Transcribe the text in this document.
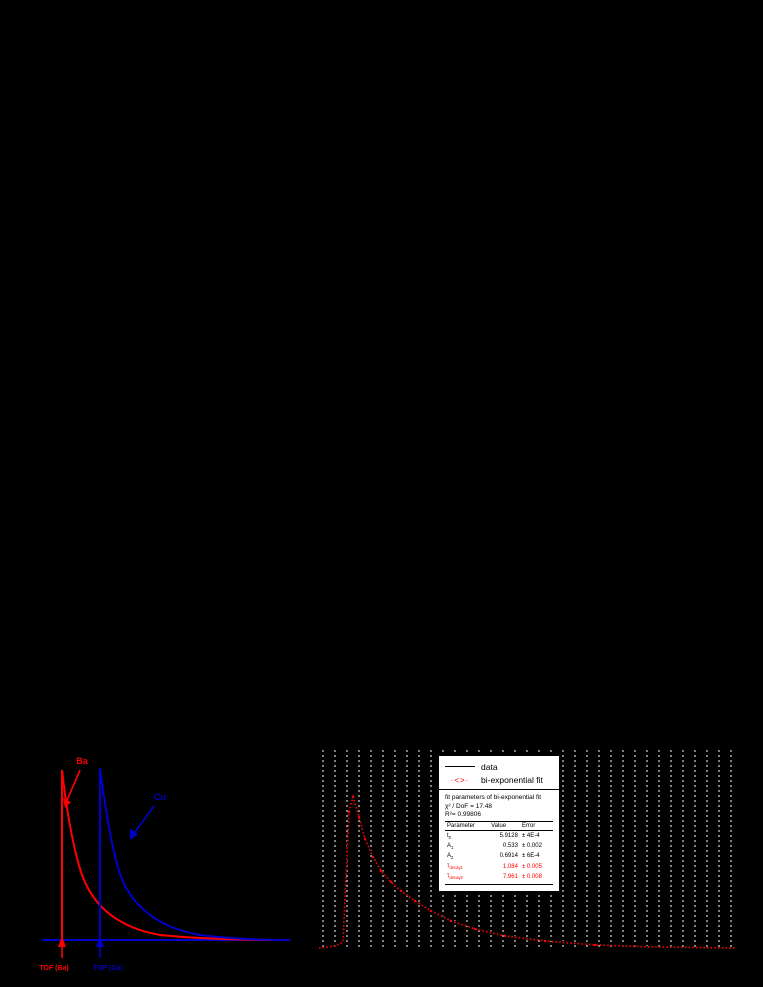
Ba
Cu
TOF (Ba)	TOF (Cu)
data
·<>·	bi-exponential fit
fit parameters of bi-exponential fit
χ² / DoF = 17.48
R²= 0.99806
Parameter	Value	Error
$t_0$	5.9128	± 4E-4
$A_1$	0.533	± 0.002
$A_2$	0.6914	± 6E-4
$\tau_{decay1}$	1.084	± 0.005
$\tau_{decay2}$	7.961	± 0.008
